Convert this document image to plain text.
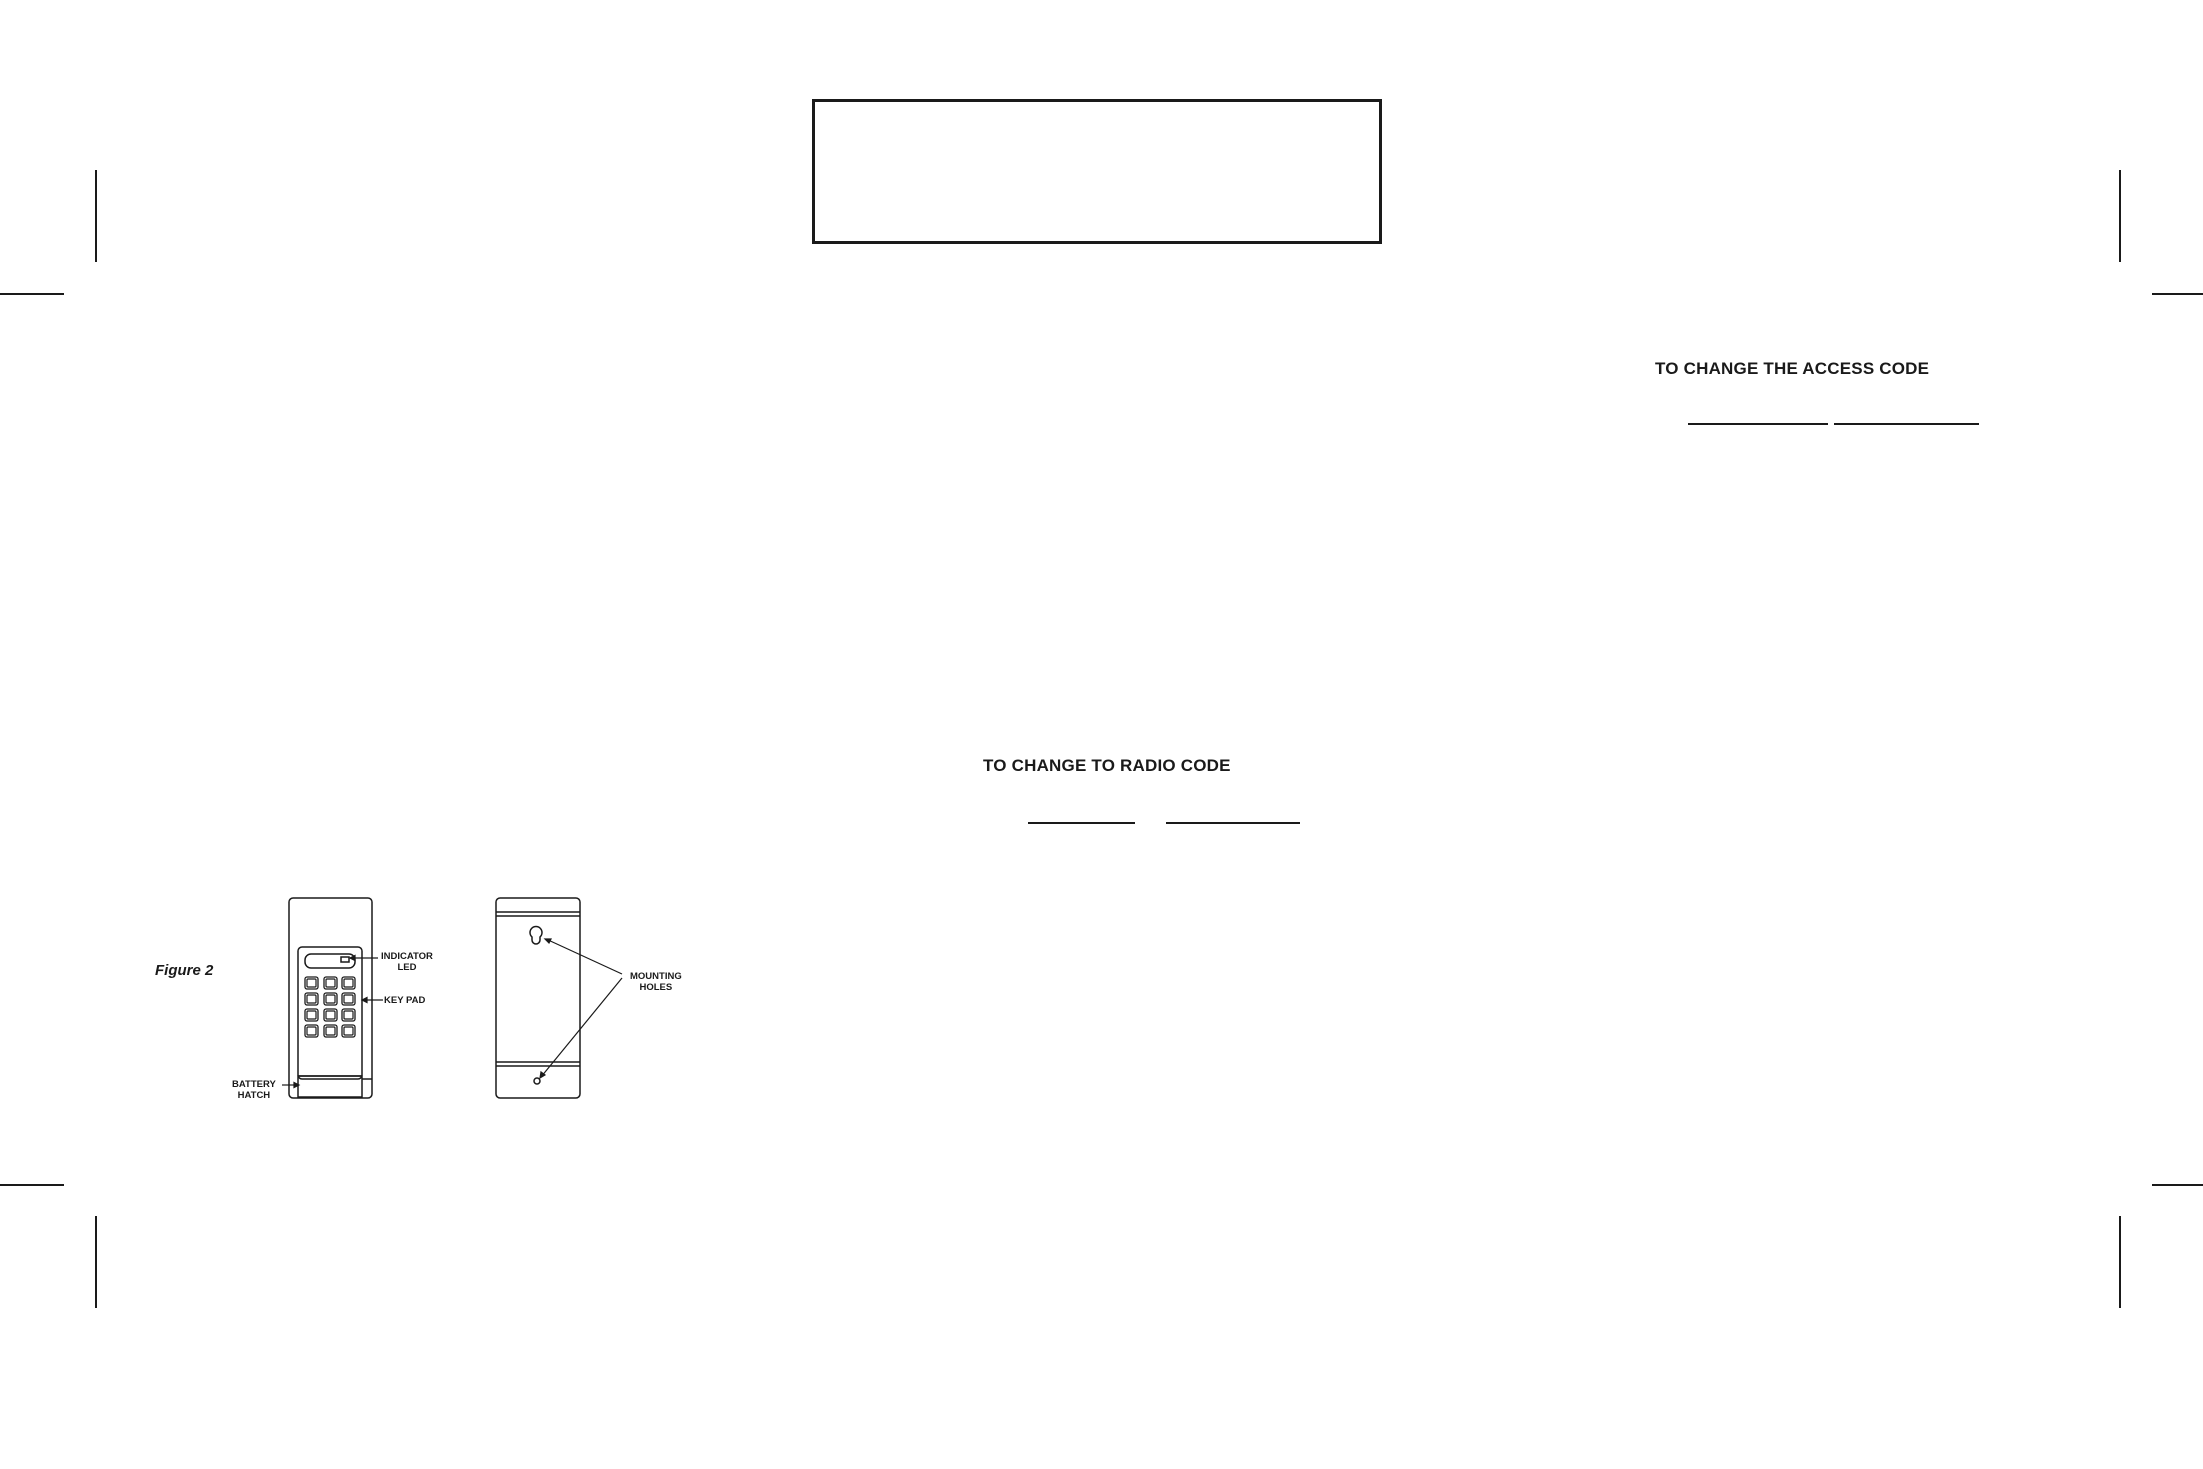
TO CHANGE THE ACCESS CODE
TO CHANGE TO RADIO CODE
Figure 2
INDICATOR
LED
KEY PAD
BATTERY
HATCH
MOUNTING
HOLES
